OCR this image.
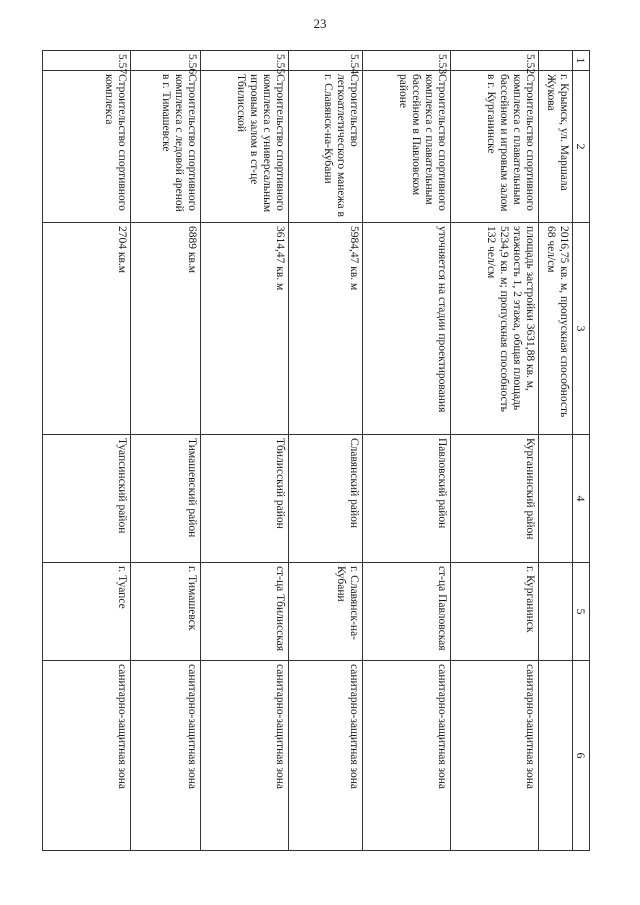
23
1	2	3	4	5	6
	г. Крымск, ул. Маршала Жукова	2016,75 кв. м, пропускная способность 68 чел/см			
5.52	Строительство спортивного комплекса с плавательным бассейном и игровым залом в г. Курганинске	площадь застройки 3631,88 кв. м, этажность 1, 2 этажа, общая площадь 5234,9 кв. м; пропускная способность 132 чел/см	Курганинский район	г. Курганинск	санитарно-защитная зона
5.53	Строительство спортивного комплекса с плавательным бассейном в Павловском районе	уточняется на стадии проектирования	Павловский район	ст-ца Павловская	санитарно-защитная зона
5.54	Строительство легкоатлетического манежа в г. Славянск-на-Кубани	5984,47 кв. м	Славянский район	г. Славянск-на-Кубани	санитарно-защитная зона
5.55	Строительство спортивного комплекса с универсальным игровым залом в ст-це Тбилисской	3614,47 кв. м	Тбилисский район	ст-ца Тбилисская	санитарно-защитная зона
5.56	Строительство спортивного комплекса с ледовой ареной в г. Тимашевске	6889 кв.м	Тимашевский район	г. Тимашевск	санитарно-защитная зона
5.57	Строительство спортивного комплекса	2704 кв.м	Туапсинский район	г. Туапсе	санитарно-защитная зона
